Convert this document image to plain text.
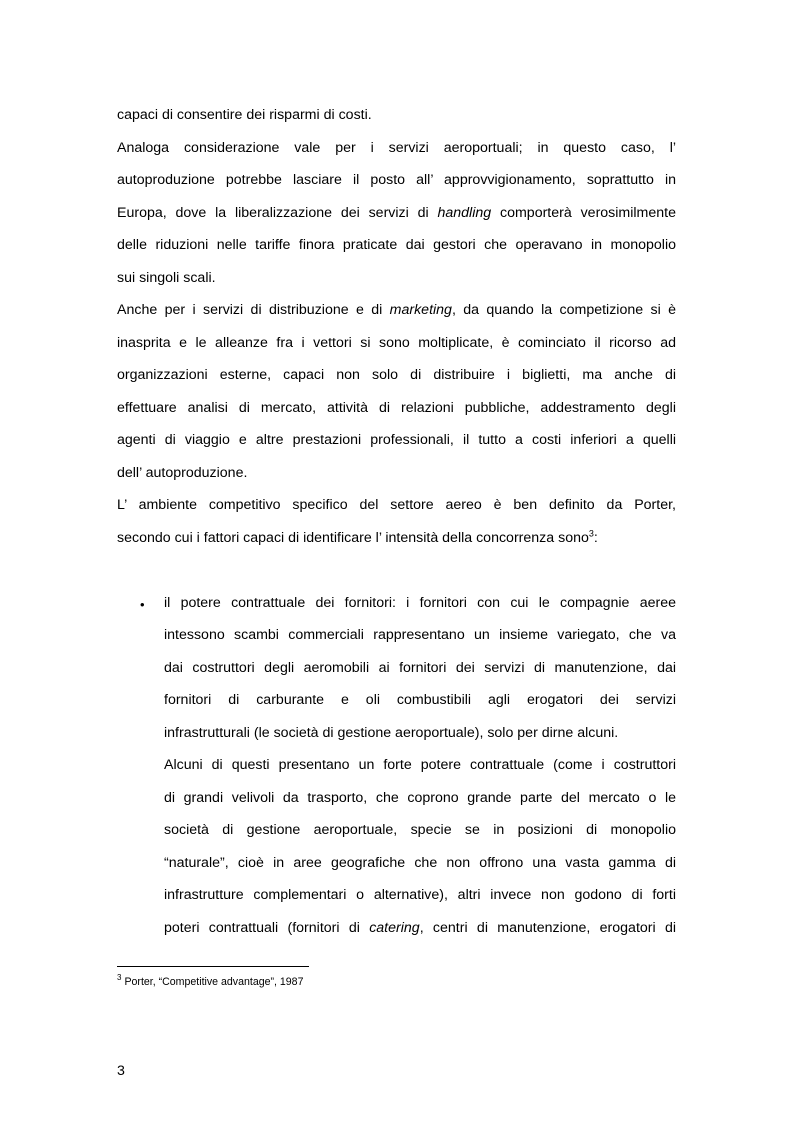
capaci di consentire dei risparmi di costi.
Analoga considerazione vale per i servizi aeroportuali; in questo caso, l’
autoproduzione potrebbe lasciare il posto all’ approvvigionamento, soprattutto in
Europa, dove la liberalizzazione dei servizi di handling comporterà verosimilmente
delle riduzioni nelle tariffe finora praticate dai gestori che operavano in monopolio
sui singoli scali.
Anche per i servizi di distribuzione e di marketing, da quando la competizione si è
inasprita e le alleanze fra i vettori si sono moltiplicate, è cominciato il ricorso ad
organizzazioni esterne, capaci non solo di distribuire i biglietti, ma anche di
effettuare analisi di mercato, attività di relazioni pubbliche, addestramento degli
agenti di viaggio e altre prestazioni professionali, il tutto a costi inferiori a quelli
dell’ autoproduzione.
L’ ambiente competitivo specifico del settore aereo è ben definito da Porter,
secondo cui i fattori capaci di identificare l’ intensità della concorrenza sono$^3$:
• il potere contrattuale dei fornitori: i fornitori con cui le compagnie aeree
intessono scambi commerciali rappresentano un insieme variegato, che va
dai costruttori degli aeromobili ai fornitori dei servizi di manutenzione, dai
fornitori di carburante e oli combustibili agli erogatori dei servizi
infrastrutturali (le società di gestione aeroportuale), solo per dirne alcuni.
Alcuni di questi presentano un forte potere contrattuale (come i costruttori
di grandi velivoli da trasporto, che coprono grande parte del mercato o le
società di gestione aeroportuale, specie se in posizioni di monopolio
“naturale”, cioè in aree geografiche che non offrono una vasta gamma di
infrastrutture complementari o alternative), altri invece non godono di forti
poteri contrattuali (fornitori di catering, centri di manutenzione, erogatori di
$^3$ Porter, “Competitive advantage”, 1987
3
